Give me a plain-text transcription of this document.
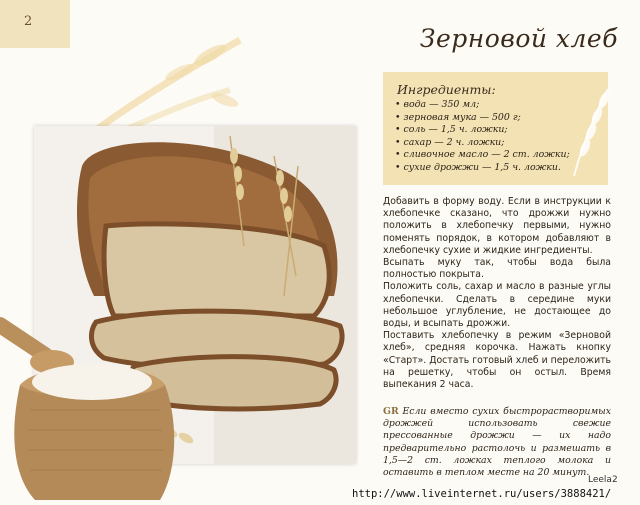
2
Зерновой хлеб
Ингредиенты:
• вода — 350 мл;
• зерновая мука — 500 г;
• соль — 1,5 ч. ложки;
• сахар — 2 ч. ложки;
• сливочное масло — 2 ст. ложки;
• сухие дрожжи — 1,5 ч. ложки.

Добавить в форму воду. Если в инструкции к хлебопечке сказано, что дрожжи нужно положить в хлебопечку первыми, нужно поменять порядок, в котором добавляют в хлебопечку сухие и жидкие ингредиенты.

Всыпать муку так, чтобы вода была полностью покрыта.

Положить соль, сахар и масло в разные углы хлебопечки. Сделать в середине муки небольшое углубление, не достающее до воды, и всыпать дрожжи.

Поставить хлебопечку в режим «Зерновой хлеб», средняя корочка. Нажать кнопку «Старт». Достать готовый хлеб и переложить на решетку, чтобы он остыл. Время выпекания 2 часа.

GR Если вместо сухих быстрорастворимых дрожжей использовать свежие прессованные дрожжи — их надо предварительно растолочь и размешать в 1,5—2 ст. ложках теплого молока и оставить в теплом месте на 20 минут.
Leela2
http://www.liveinternet.ru/users/3888421/
